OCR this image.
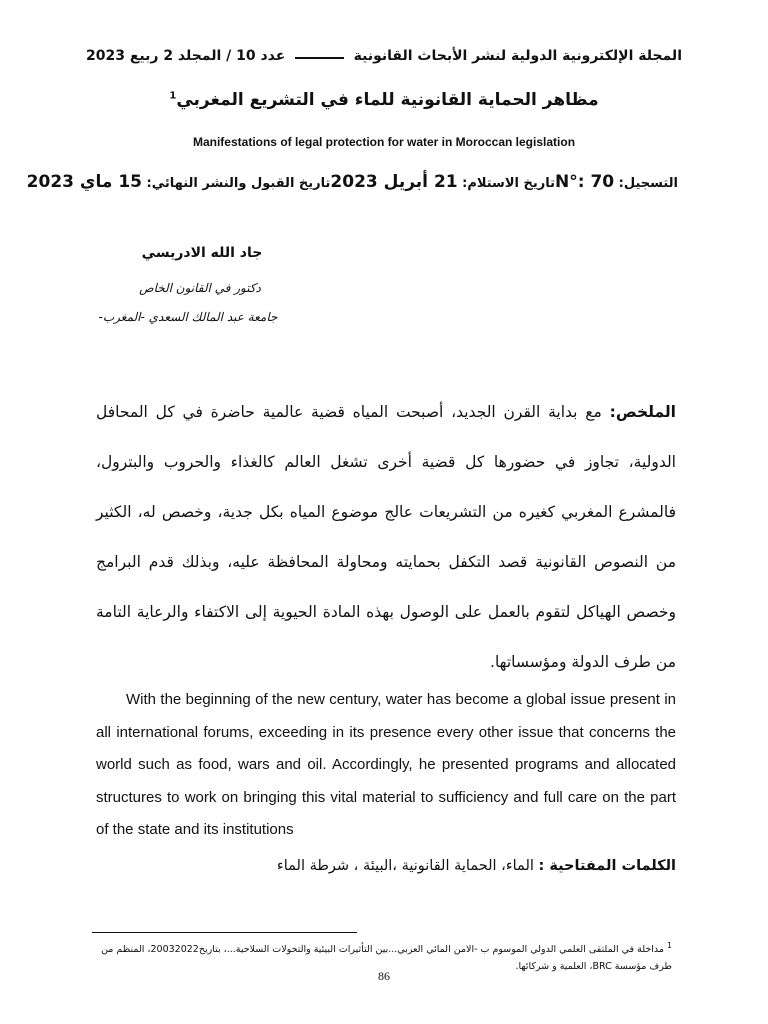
المجلة الإلكترونية الدولية لنشر الأبحاث القانونية
عدد 10 / المجلد 2 ربيع 2023
مظاهر الحماية القانونية للماء في التشريع المغربي$^1$
Manifestations of legal protection for water in Moroccan legislation
التسجيل: N°: 70
تاريخ الاستلام: 21 أبريل 2023
تاريخ القبول والنشر النهائي: 15 ماي 2023
جاد الله الادريسي
دكتور في القانون الخاص
جامعة عبد المالك السعدي -المغرب-
الملخص: مع بداية القرن الجديد، أصبحت المياه قضية عالمية حاضرة في كل المحافل الدولية، تجاوز في حضورها كل قضية أخرى تشغل العالم كالغذاء والحروب والبترول، فالمشرع المغربي كغيره من التشريعات عالج موضوع المياه بكل جدية، وخصص له، الكثير من النصوص القانونية قصد التكفل بحمايته ومحاولة المحافظة عليه، وبذلك قدم البرامج وخصص الهياكل لتقوم بالعمل على الوصول بهذه المادة الحيوية إلى الاكتفاء والرعاية التامة من طرف الدولة ومؤسساتها.
With the beginning of the new century, water has become a global issue present in all international forums, exceeding in its presence every other issue that concerns the world such as food, wars and oil. Accordingly, he presented programs and allocated structures to work on bringing this vital material to sufficiency and full care on the part of the state and its institutions
الكلمات المفتاحية : الماء، الحماية القانونية ،البيئة ، شرطة الماء
$^1$ مداخلة في الملتقى العلمي الدولي الموسوم ب -الامن المائي العربي...بين التأثيرات البيئية والتحولات السلاحية...، بتاريخ20032022، المنظم من طرف مؤسسة BRC، العلمية و شركائها.
86
